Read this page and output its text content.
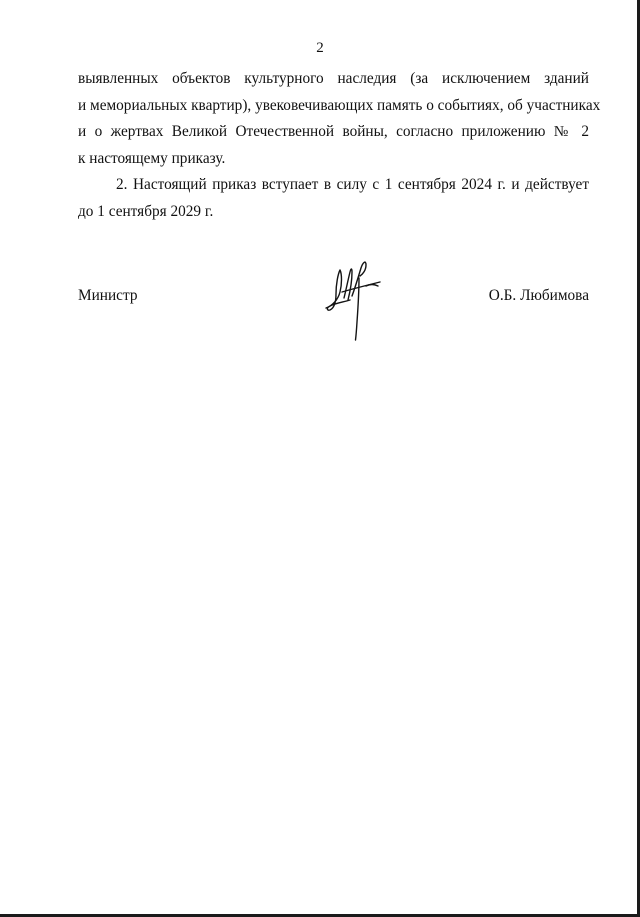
2
выявленных объектов культурного наследия (за исключением зданий
и мемориальных квартир), увековечивающих память о событиях, об участниках
и о жертвах Великой Отечественной войны, согласно приложению № 2
к настоящему приказу.
2. Настоящий приказ вступает в силу с 1 сентября 2024 г. и действует
до 1 сентября 2029 г.
Министр	О.Б. Любимова
